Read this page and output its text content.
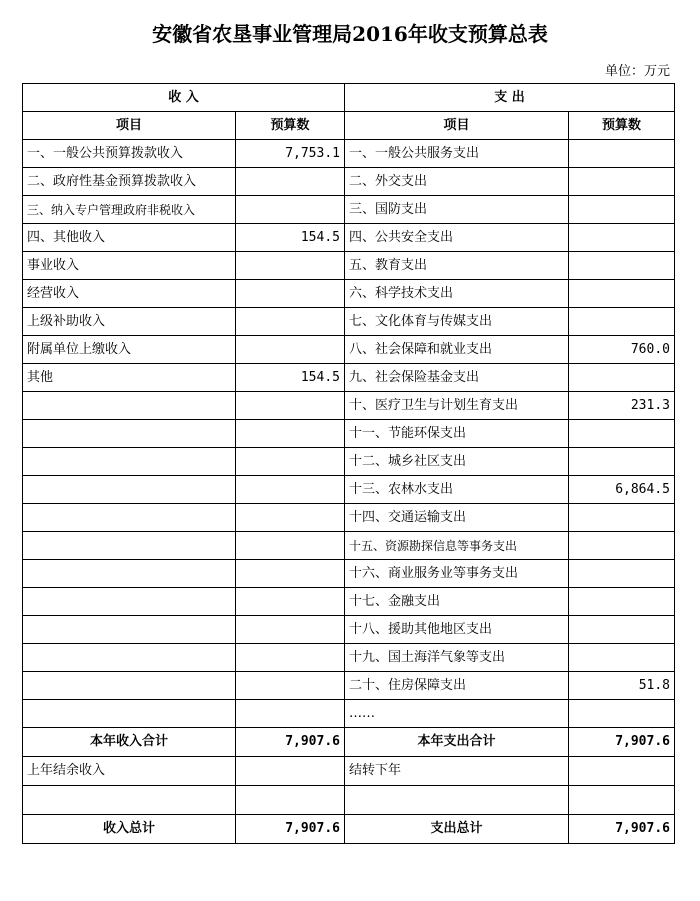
安徽省农垦事业管理局2016年收支预算总表
单位：万元
收 入		支 出	
项目	预算数	项目	预算数
一、一般公共预算拨款收入	7,753.1	一、一般公共服务支出	
二、政府性基金预算拨款收入		二、外交支出	
三、纳入专户管理政府非税收入		三、国防支出	
四、其他收入	154.5	四、公共安全支出	
事业收入		五、教育支出	
经营收入		六、科学技术支出	
上级补助收入		七、文化体育与传媒支出	
附属单位上缴收入		八、社会保障和就业支出	760.0
其他	154.5	九、社会保险基金支出	
		十、医疗卫生与计划生育支出	231.3
		十一、节能环保支出	
		十二、城乡社区支出	
		十三、农林水支出	6,864.5
		十四、交通运输支出	
		十五、资源勘探信息等事务支出	
		十六、商业服务业等事务支出	
		十七、金融支出	
		十八、援助其他地区支出	
		十九、国土海洋气象等支出	
		二十、住房保障支出	51.8
		……	
本年收入合计	7,907.6	本年支出合计	7,907.6
上年结余收入		结转下年	

收入总计	7,907.6	支出总计	7,907.6
